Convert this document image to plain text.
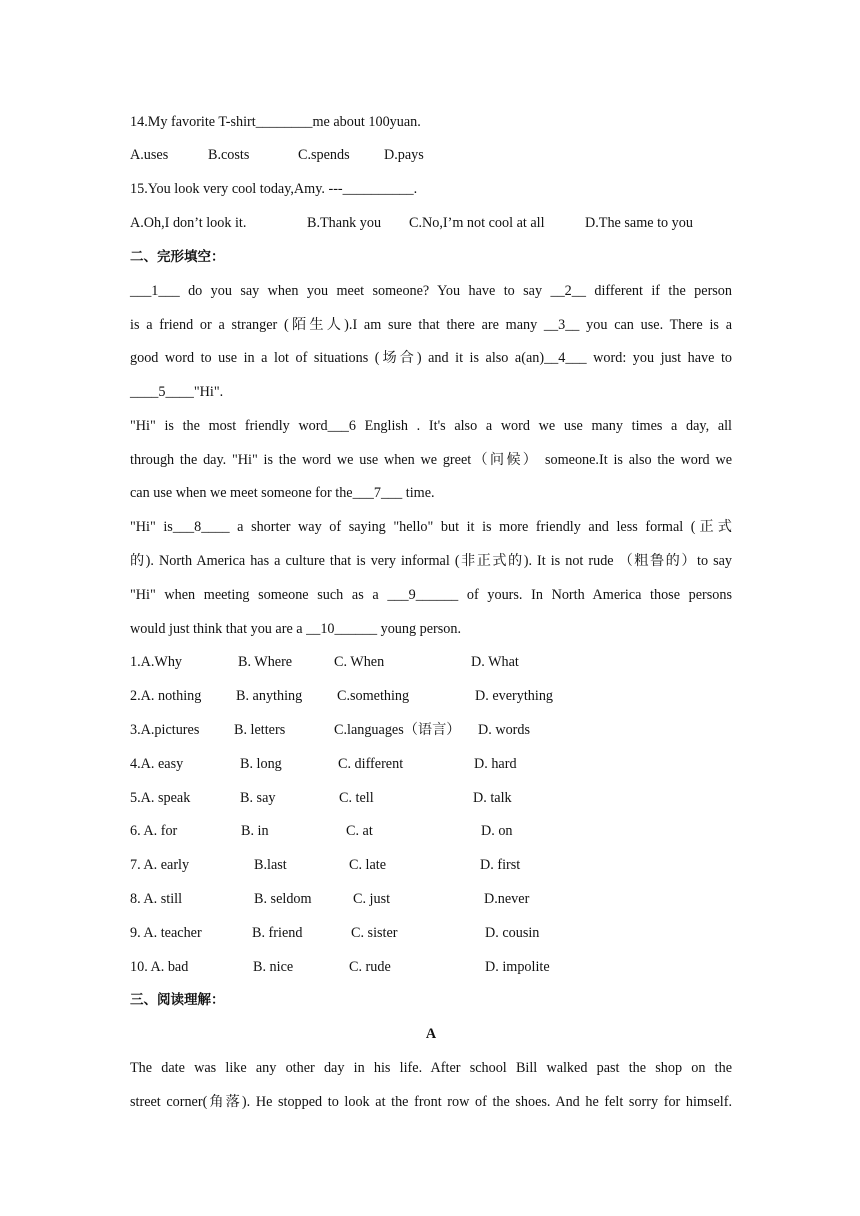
14.My favorite T-shirt________me about 100yuan.
A.uses	B.costs	C.spends D.pays
15.You look very cool today,Amy. ---__________.
A.Oh,I don’t look it.	B.Thank you C.No,I’m not cool at all	D.The same to you
二、完形填空：
___1___ do you say when you meet someone? You have to say __2__ different if the person
is a friend or a stranger (陌生人).I am sure that there are many __3__ you can use. There is a
good word to use in a lot of situations (场合) and it is also a(an)__4___ word: you just have to
____5____"Hi".
"Hi" is the most friendly word___6 English . It's also a word we use many times a day, all
through the day. "Hi" is the word we use when we greet（问候） someone.It is also the word we
can use when we meet someone for the___7___ time.
"Hi" is___8____ a shorter way of saying "hello" but it is more friendly and less formal (正式
的). North America has a culture that is very informal (非正式的). It is not rude （粗鲁的）to say
"Hi" when meeting someone such as a ___9______ of yours. In North America those persons
would just think that you are a __10______ young person.
1.A.Why	B. Where	C. When	D. What
2.A. nothing B. anything C.something	D. everything
3.A.pictures B. letters	C.languages（语言） D. words
4.A. easy	B. long	C. different	D. hard
5.A. speak	B. say	C. tell	D. talk
6. A. for	B. in	C. at	D. on
7. A. early	B.last	C. late	D. first
8. A. still	B. seldom	C. just	D.never
9. A. teacher	B. friend	C. sister	D. cousin
10. A. bad	B. nice	C. rude	D. impolite
三、阅读理解：
A
The date was like any other day in his life. After school Bill walked past the shop on the
street corner(角落). He stopped to look at the front row of the shoes. And he felt sorry for himself.
